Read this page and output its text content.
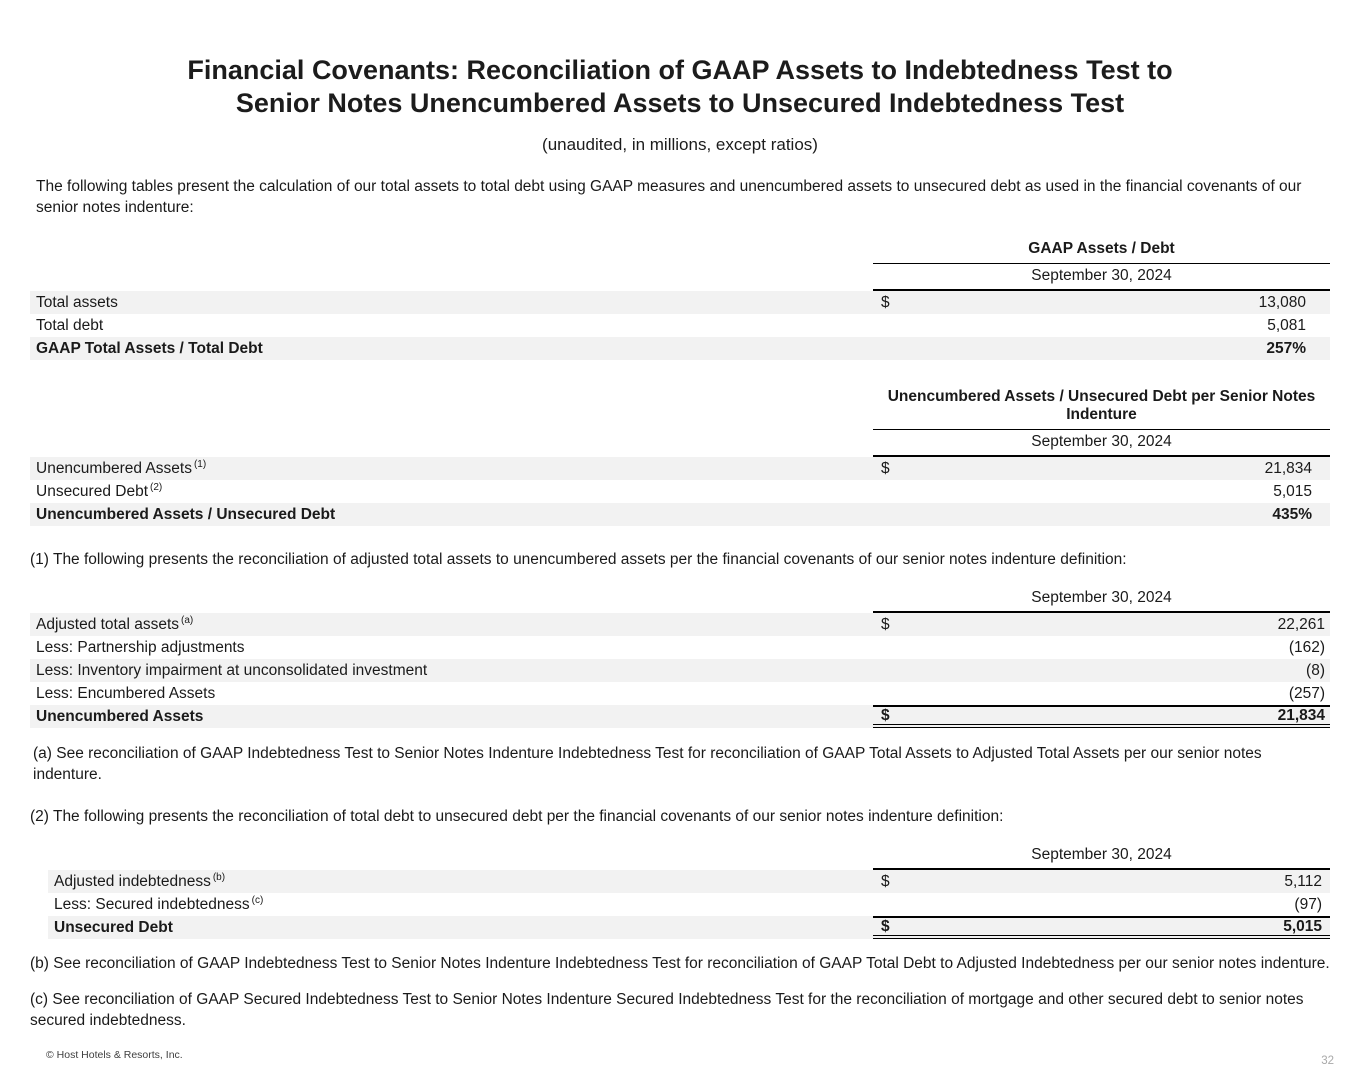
Financial Covenants: Reconciliation of GAAP Assets to Indebtedness Test to
Senior Notes Unencumbered Assets to Unsecured Indebtedness Test
(unaudited, in millions, except ratios)

The following tables present the calculation of our total assets to total debt using GAAP measures and unencumbered assets to unsecured debt as used in the financial covenants of our senior notes indenture:

GAAP Assets / Debt
September 30, 2024
Total assets	$	13,080
Total debt	5,081
GAAP Total Assets / Total Debt	257%
Unencumbered Assets / Unsecured Debt per Senior Notes Indenture
September 30, 2024
Unencumbered Assets $^{(1)}$	$	21,834
Unsecured Debt $^{(2)}$	5,015
Unencumbered Assets / Unsecured Debt	435%

(1) The following presents the reconciliation of adjusted total assets to unencumbered assets per the financial covenants of our senior notes indenture definition:

September 30, 2024
Adjusted total assets $^{(a)}$	$	22,261
Less: Partnership adjustments	(162)
Less: Inventory impairment at unconsolidated investment	(8)
Less: Encumbered Assets	(257)
Unencumbered Assets	$	21,834

(a) See reconciliation of GAAP Indebtedness Test to Senior Notes Indenture Indebtedness Test for reconciliation of GAAP Total Assets to Adjusted Total Assets per our senior notes indenture.

(2) The following presents the reconciliation of total debt to unsecured debt per the financial covenants of our senior notes indenture definition:

September 30, 2024
Adjusted indebtedness $^{(b)}$	$	5,112
Less: Secured indebtedness $^{(c)}$	(97)
Unsecured Debt	$	5,015

(b) See reconciliation of GAAP Indebtedness Test to Senior Notes Indenture Indebtedness Test for reconciliation of GAAP Total Debt to Adjusted Indebtedness per our senior notes indenture.

(c) See reconciliation of GAAP Secured Indebtedness Test to Senior Notes Indenture Secured Indebtedness Test for the reconciliation of mortgage and other secured debt to senior notes secured indebtedness.

© Host Hotels & Resorts, Inc.	32
